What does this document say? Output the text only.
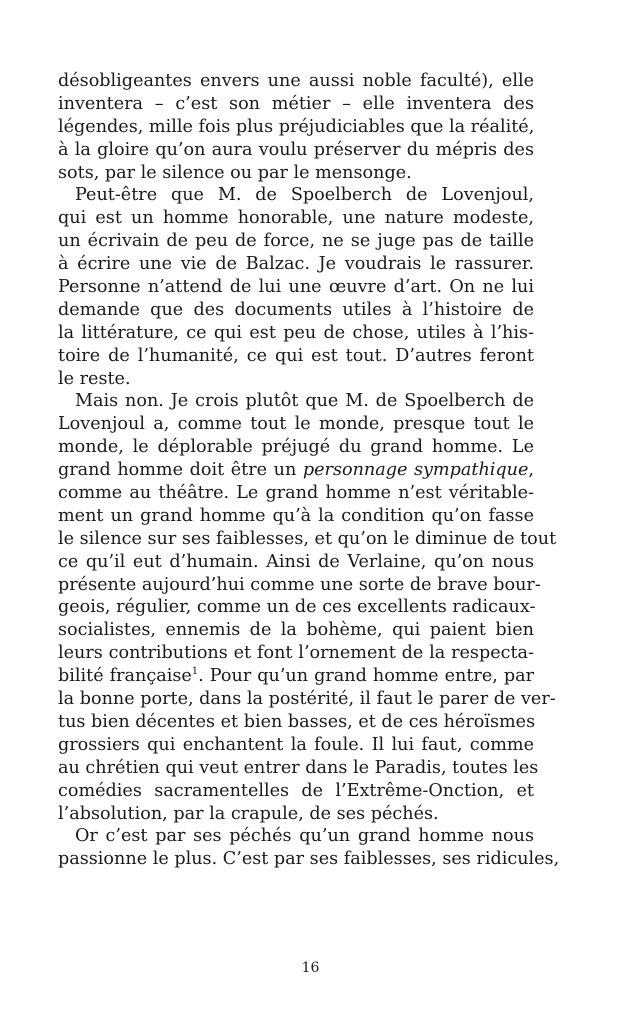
désobligeantes envers une aussi noble faculté), elle
inventera – c’est son métier – elle inventera des
légendes, mille fois plus préjudiciables que la réalité,
à la gloire qu’on aura voulu préserver du mépris des
sots, par le silence ou par le mensonge.
Peut-être que M. de Spoelberch de Lovenjoul,
qui est un homme honorable, une nature modeste,
un écrivain de peu de force, ne se juge pas de taille
à écrire une vie de Balzac. Je voudrais le rassurer.
Personne n’attend de lui une œuvre d’art. On ne lui
demande que des documents utiles à l’histoire de
la littérature, ce qui est peu de chose, utiles à l’his-
toire de l’humanité, ce qui est tout. D’autres feront
le reste.
Mais non. Je crois plutôt que M. de Spoelberch de
Lovenjoul a, comme tout le monde, presque tout le
monde, le déplorable préjugé du grand homme. Le
grand homme doit être un personnage sympathique,
comme au théâtre. Le grand homme n’est véritable-
ment un grand homme qu’à la condition qu’on fasse
le silence sur ses faiblesses, et qu’on le diminue de tout
ce qu’il eut d’humain. Ainsi de Verlaine, qu’on nous
présente aujourd’hui comme une sorte de brave bour-
geois, régulier, comme un de ces excellents radicaux-
socialistes, ennemis de la bohème, qui paient bien
leurs contributions et font l’ornement de la respecta-
bilité française$^1$. Pour qu’un grand homme entre, par
la bonne porte, dans la postérité, il faut le parer de ver-
tus bien décentes et bien basses, et de ces héroïsmes
grossiers qui enchantent la foule. Il lui faut, comme
au chrétien qui veut entrer dans le Paradis, toutes les
comédies sacramentelles de l’Extrême-Onction, et
l’absolution, par la crapule, de ses péchés.
Or c’est par ses péchés qu’un grand homme nous
passionne le plus. C’est par ses faiblesses, ses ridicules,
16
